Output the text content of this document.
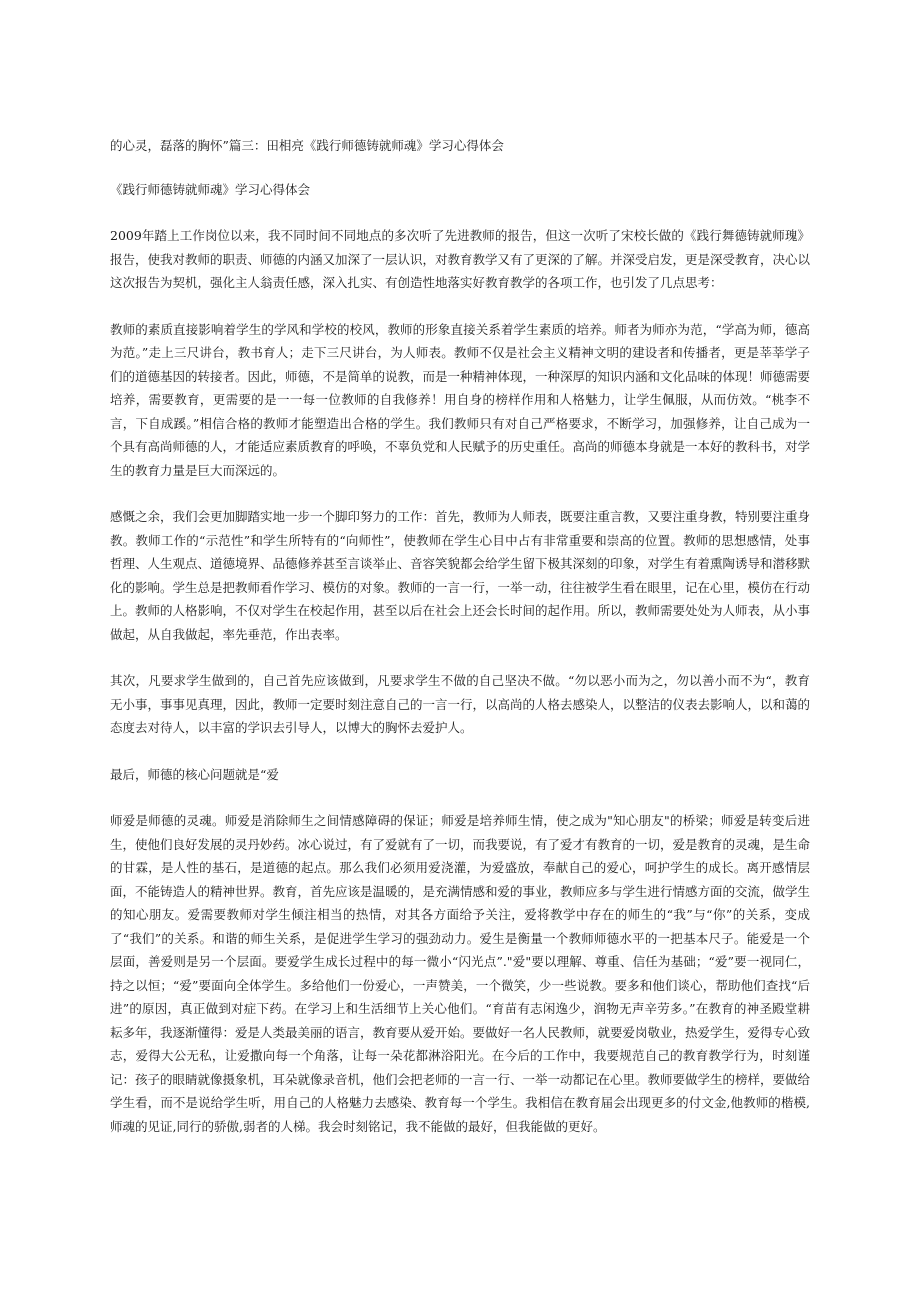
的心灵，磊落的胸怀”篇三：田相亮《践行师德铸就师魂》学习心得体会

《践行师德铸就师魂》学习心得体会

2009年踏上工作岗位以来，我不同时间不同地点的多次听了先进教师的报告，但这一次听了宋校长做的《践行舞德铸就师瑰》报告，使我对教师的职责、师德的内涵又加深了一层认识，对教育教学又有了更深的了解。并深受启发，更是深受教育，决心以这次报告为契机，强化主人翁责任感，深入扎实、有创造性地落实好教育教学的各项工作，也引发了几点思考：

教师的素质直接影响着学生的学风和学校的校风，教师的形象直接关系着学生素质的培养。师者为师亦为范，“学高为师，德高为范。”走上三尺讲台，教书育人；走下三尺讲台，为人师表。教师不仅是社会主义精神文明的建设者和传播者，更是莘莘学子们的道德基因的转接者。因此，师德，不是简单的说教，而是一种精神体现，一种深厚的知识内涵和文化品味的体现！师德需要培养，需要教育，更需要的是一一每一位教师的自我修养！用自身的榜样作用和人格魅力，让学生佩服，从而仿效。“桃李不言，下自成蹊。”相信合格的教师才能塑造出合格的学生。我们教师只有对自己严格要求，不断学习，加强修养，让自己成为一个具有高尚师德的人，才能适应素质教育的呼唤，不辜负党和人民赋予的历史重任。高尚的师德本身就是一本好的教科书，对学生的教育力量是巨大而深远的。

感慨之余，我们会更加脚踏实地一步一个脚印努力的工作：首先，教师为人师表，既要注重言教，又要注重身教，特别要注重身教。教师工作的“示范性”和学生所特有的“向师性”，使教师在学生心目中占有非常重要和崇高的位置。教师的思想感情，处事哲理、人生观点、道德境界、品德修养甚至言谈举止、音容笑貌都会给学生留下极其深刻的印象，对学生有着熏陶诱导和潜移默化的影响。学生总是把教师看作学习、模仿的对象。教师的一言一行，一举一动，往往被学生看在眼里，记在心里，模仿在行动上。教师的人格影响，不仅对学生在校起作用，甚至以后在社会上还会长时间的起作用。所以，教师需要处处为人师表，从小事做起，从自我做起，率先垂范，作出表率。

其次，凡要求学生做到的，自己首先应该做到，凡要求学生不做的自己坚决不做。“勿以恶小而为之，勿以善小而不为“，教育无小事，事事见真理，因此，教师一定要时刻注意自己的一言一行，以高尚的人格去感染人，以整洁的仪表去影响人，以和蔼的态度去对待人，以丰富的学识去引导人，以博大的胸怀去爱护人。

最后，师德的核心问题就是“爱

师爱是师德的灵魂。师爱是消除师生之间情感障碍的保证；师爱是培养师生情，使之成为"知心朋友"的桥梁；师爱是转变后进生，使他们良好发展的灵丹妙药。冰心说过，有了爱就有了一切，而我要说，有了爱才有教育的一切，爱是教育的灵魂，是生命的甘霖，是人性的基石，是道德的起点。那么我们必须用爱浇灌，为爱盛放，奉献自己的爱心，呵护学生的成长。离开感情层面，不能铸造人的精神世界。教育，首先应该是温暖的，是充满情感和爱的事业，教师应多与学生进行情感方面的交流，做学生的知心朋友。爱需要教师对学生倾注相当的热情，对其各方面给予关注，爱将教学中存在的师生的“我”与“你”的关系，变成了“我们”的关系。和谐的师生关系，是促进学生学习的强劲动力。爱生是衡量一个教师师德水平的一把基本尺子。能爱是一个层面，善爱则是另一个层面。要爱学生成长过程中的每一微小“闪光点”."爱"要以理解、尊重、信任为基础；“爱”要一视同仁，持之以恒；“爱”要面向全体学生。多给他们一份爱心，一声赞美，一个微笑，少一些说教。要多和他们谈心，帮助他们查找“后进”的原因，真正做到对症下药。在学习上和生活细节上关心他们。“育苗有志闲逸少，润物无声辛劳多。”在教育的神圣殿堂耕耘多年，我逐渐懂得：爱是人类最美丽的语言，教育要从爱开始。要做好一名人民教师，就要爱岗敬业，热爱学生，爱得专心致志，爱得大公无私，让爱撒向每一个角落，让每一朵花都淋浴阳光。在今后的工作中，我要规范自己的教育教学行为，时刻谨记：孩子的眼睛就像摄象机，耳朵就像录音机，他们会把老师的一言一行、一举一动都记在心里。教师要做学生的榜样，要做给学生看，而不是说给学生听，用自己的人格魅力去感染、教育每一个学生。我相信在教育届会出现更多的付文金,他教师的楷模,师魂的见证,同行的骄傲,弱者的人梯。我会时刻铭记，我不能做的最好，但我能做的更好。
